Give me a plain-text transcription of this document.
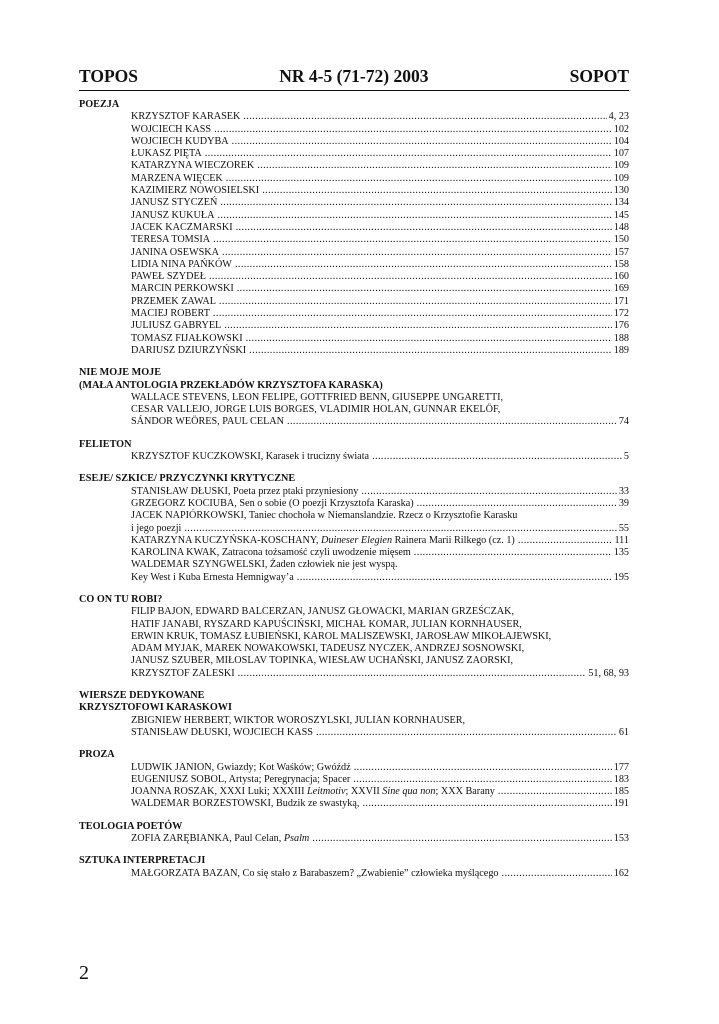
TOPOS	NR 4-5 (71-72) 2003	SOPOT
POEZJA
KRZYSZTOF KARASEK .....	4, 23
WOJCIECH KASS .....	102
WOJCIECH KUDYBA .....	104
ŁUKASZ PIĘTA .....	107
KATARZYNA WIECZOREK .....	109
MARZENA WIĘCEK .....	109
KAZIMIERZ NOWOSIELSKI .....	130
JANUSZ STYCZEŃ .....	134
JANUSZ KUKUŁA .....	145
JACEK KACZMARSKI .....	148
TERESA TOMSIA .....	150
JANINA OSEWSKA .....	157
LIDIA NINA PAŃKÓW .....	158
PAWEŁ SZYDEŁ .....	160
MARCIN PERKOWSKI .....	169
PRZEMEK ZAWAL .....	171
MACIEJ ROBERT .....	172
JULIUSZ GABRYEL .....	176
TOMASZ FIJAŁKOWSKI .....	188
DARIUSZ DZIURZYŃSKI .....	189
NIE MOJE MOJE
(MAŁA ANTOLOGIA PRZEKŁADÓW KRZYSZTOFA KARASKA)
WALLACE STEVENS, LEON FELIPE, GOTTFRIED BENN, GIUSEPPE UNGARETTI,
CESAR VALLEJO, JORGE LUIS BORGES, VLADIMIR HOLAN, GUNNAR EKELÖF,
SÁNDOR WEÖRES, PAUL CELAN .....	74
FELIETON
KRZYSZTOF KUCZKOWSKI, Karasek i trucizny świata .....	5
ESEJE/ SZKICE/ PRZYCZYNKI KRYTYCZNE
STANISŁAW DŁUSKI, Poeta przez ptaki przyniesiony .....	33
GRZEGORZ KOCIUBA, Sen o sobie (O poezji Krzysztofa Karaska) .....	39
JACEK NAPIÓRKOWSKI, Taniec chochoła w Niemanslandzie. Rzecz o Krzysztofie Karasku
i jego poezji .....	55
KATARZYNA KUCZYŃSKA-KOSCHANY, Duineser Elegien Rainera Marii Rilkego (cz. 1) .....	111
KAROLINA KWAK, Zatracona tożsamość czyli uwodzenie mięsem .....	135
WALDEMAR SZYNGWELSKI, Żaden człowiek nie jest wyspą.
Key West i Kuba Ernesta Hemnigway’a .....	195
CO ON TU ROBI?
FILIP BAJON, EDWARD BALCERZAN, JANUSZ GŁOWACKI, MARIAN GRZEŚCZAK,
HATIF JANABI, RYSZARD KAPUŚCIŃSKI, MICHAŁ KOMAR, JULIAN KORNHAUSER,
ERWIN KRUK, TOMASZ ŁUBIEŃSKI, KAROL MALISZEWSKI, JAROSŁAW MIKOŁAJEWSKI,
ADAM MYJAK, MAREK NOWAKOWSKI, TADEUSZ NYCZEK, ANDRZEJ SOSNOWSKI,
JANUSZ SZUBER, MIŁOSLAV TOPINKA, WIESŁAW UCHAŃSKI, JANUSZ ZAORSKI,
KRZYSZTOF ZALESKI .....	51, 68, 93
WIERSZE DEDYKOWANE
KRZYSZTOFOWI KARASKOWI
ZBIGNIEW HERBERT, WIKTOR WOROSZYLSKI, JULIAN KORNHAUSER,
STANISŁAW DŁUSKI, WOJCIECH KASS .....	61
PROZA
LUDWIK JANION, Gwiazdy; Kot Waśków; Gwóźdź .....	177
EUGENIUSZ SOBOL, Artysta; Peregrynacja; Spacer .....	183
JOANNA ROSZAK, XXXI Luki; XXXIII Leitmotiv; XXVII Sine qua non; XXX Barany .....	185
WALDEMAR BORZESTOWSKI, Budzik ze swastyką, .....	191
TEOLOGIA POETÓW
ZOFIA ZARĘBIANKA, Paul Celan, Psalm .....	153
SZTUKA INTERPRETACJI
MAŁGORZATA BAZAN, Co się stało z Barabaszem? „Zwabienie” człowieka myślącego .....	162
2
